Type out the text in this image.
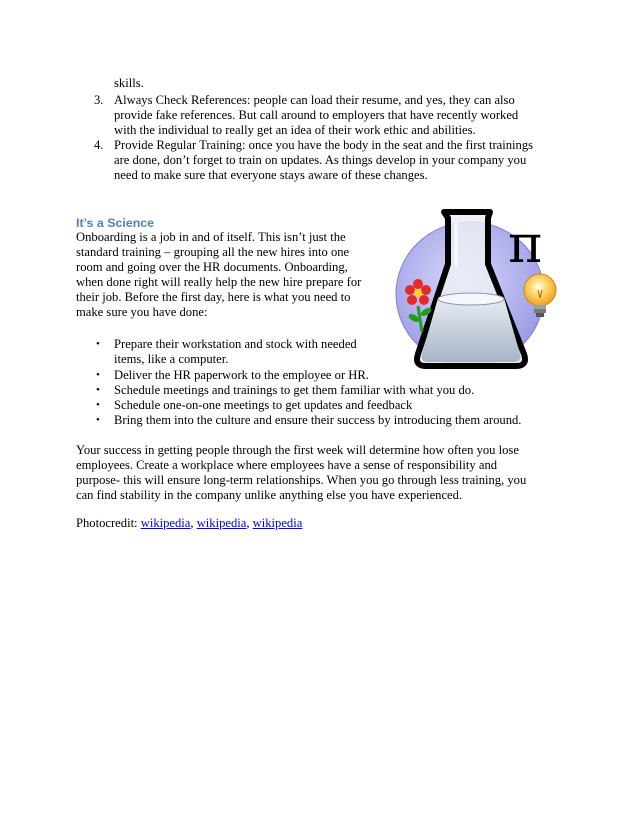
skills.
3. Always Check References: people can load their resume, and yes, they can also
provide fake references. But call around to employers that have recently worked
with the individual to really get an idea of their work ethic and abilities.
4. Provide Regular Training: once you have the body in the seat and the first trainings
are done, don’t forget to train on updates. As things develop in your company you
need to make sure that everyone stays aware of these changes.
It’s a Science
Onboarding is a job in and of itself. This isn’t just the
standard training – grouping all the new hires into one
room and going over the HR documents. Onboarding,
when done right will really help the new hire prepare for
their job. Before the first day, here is what you need to
make sure you have done:
• Prepare their workstation and stock with needed
items, like a computer.
• Deliver the HR paperwork to the employee or HR.
• Schedule meetings and trainings to get them familiar with what you do.
• Schedule one-on-one meetings to get updates and feedback
• Bring them into the culture and ensure their success by introducing them around.
Your success in getting people through the first week will determine how often you lose
employees. Create a workplace where employees have a sense of responsibility and
purpose- this will ensure long-term relationships. When you go through less training, you
can find stability in the company unlike anything else you have experienced.
Photocredit: wikipedia, wikipedia, wikipedia
π
